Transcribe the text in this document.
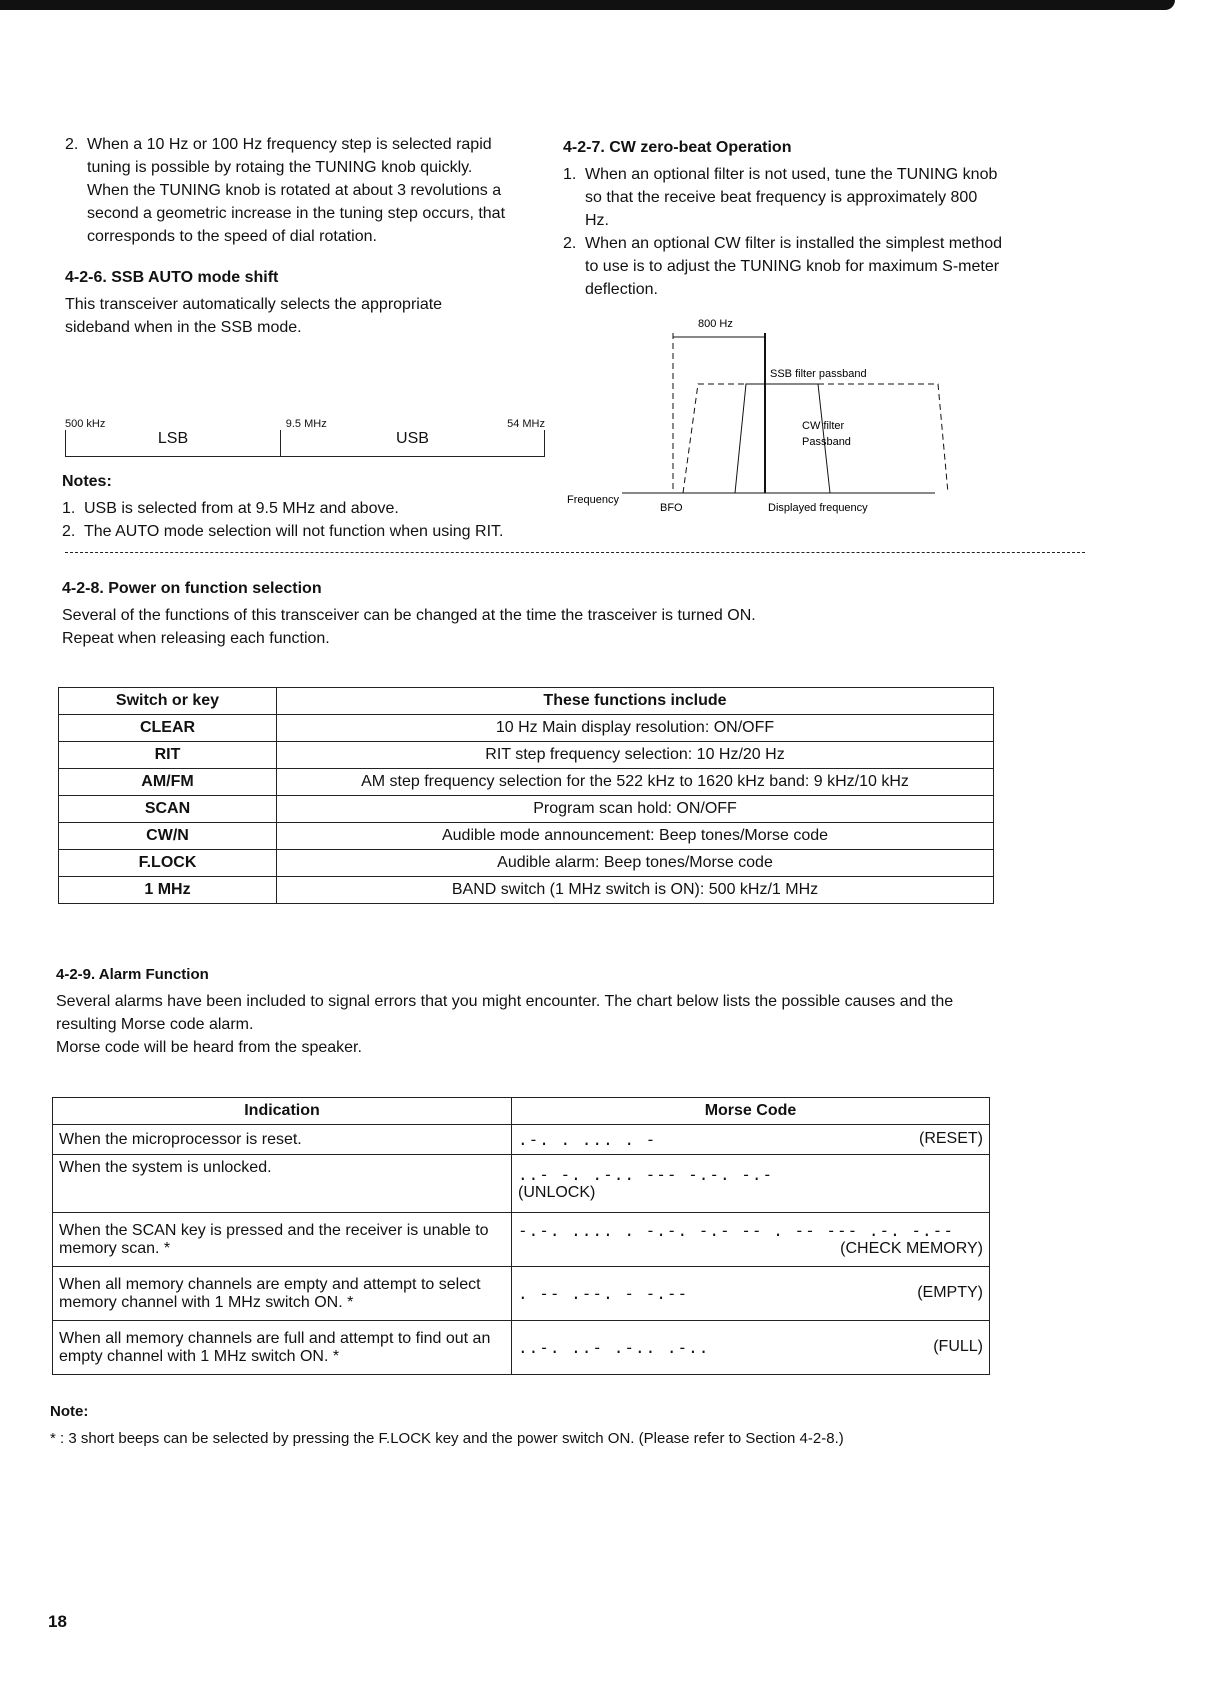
2. When a 10 Hz or 100 Hz frequency step is selected rapid tuning is possible by rotaing the TUNING knob quickly.

When the TUNING knob is rotated at about 3 revolutions a second a geometric increase in the tuning step occurs, that corresponds to the speed of dial rotation.

4-2-6. SSB AUTO mode shift

This transceiver automatically selects the appropriate sideband when in the SSB mode.

500 kHz	9.5 MHz	54 MHz
LSB	USB
Notes:
1. USB is selected from at 9.5 MHz and above.
2. The AUTO mode selection will not function when using RIT.
4-2-7. CW zero-beat Operation
1. When an optional filter is not used, tune the TUNING knob so that the receive beat frequency is approximately 800 Hz.
2. When an optional CW filter is installed the simplest method to use is to adjust the TUNING knob for maximum S-meter deflection.
800 Hz
SSB filter passband
CW filter
Passband
Frequency
BFO	Displayed frequency
4-2-8. Power on function selection

Several of the functions of this transceiver can be changed at the time the trasceiver is turned ON.

Repeat when releasing each function.

Switch or key	These functions include
CLEAR	10 Hz Main display resolution: ON/OFF
RIT	RIT step frequency selection: 10 Hz/20 Hz
AM/FM	AM step frequency selection for the 522 kHz to 1620 kHz band: 9 kHz/10 kHz
SCAN	Program scan hold: ON/OFF
CW/N	Audible mode announcement: Beep tones/Morse code
F.LOCK	Audible alarm: Beep tones/Morse code
1 MHz	BAND switch (1 MHz switch is ON): 500 kHz/1 MHz
4-2-9. Alarm Function

Several alarms have been included to signal errors that you might encounter. The chart below lists the possible causes and the resulting Morse code alarm.

Morse code will be heard from the speaker.

Indication	Morse Code
When the microprocessor is reset.	.-. . ... . - (RESET)

When the system is unlocked.	..- -. .-.. --- -.-. -.-
(UNLOCK)

When the SCAN key is pressed and the receiver is unable to memory scan. *	-.-. .... . -.-. -.- -- . -- --- .-. -.--
(CHECK MEMORY)

When all memory channels are empty and attempt to select memory channel with 1 MHz switch ON. *	. -- .--. - -.-- (EMPTY)

When all memory channels are full and attempt to find out an empty channel with 1 MHz switch ON. *	..-. ..- .-.. .-.. (FULL)
Note:

* : 3 short beeps can be selected by pressing the F.LOCK key and the power switch ON. (Please refer to Section 4-2-8.)

18
